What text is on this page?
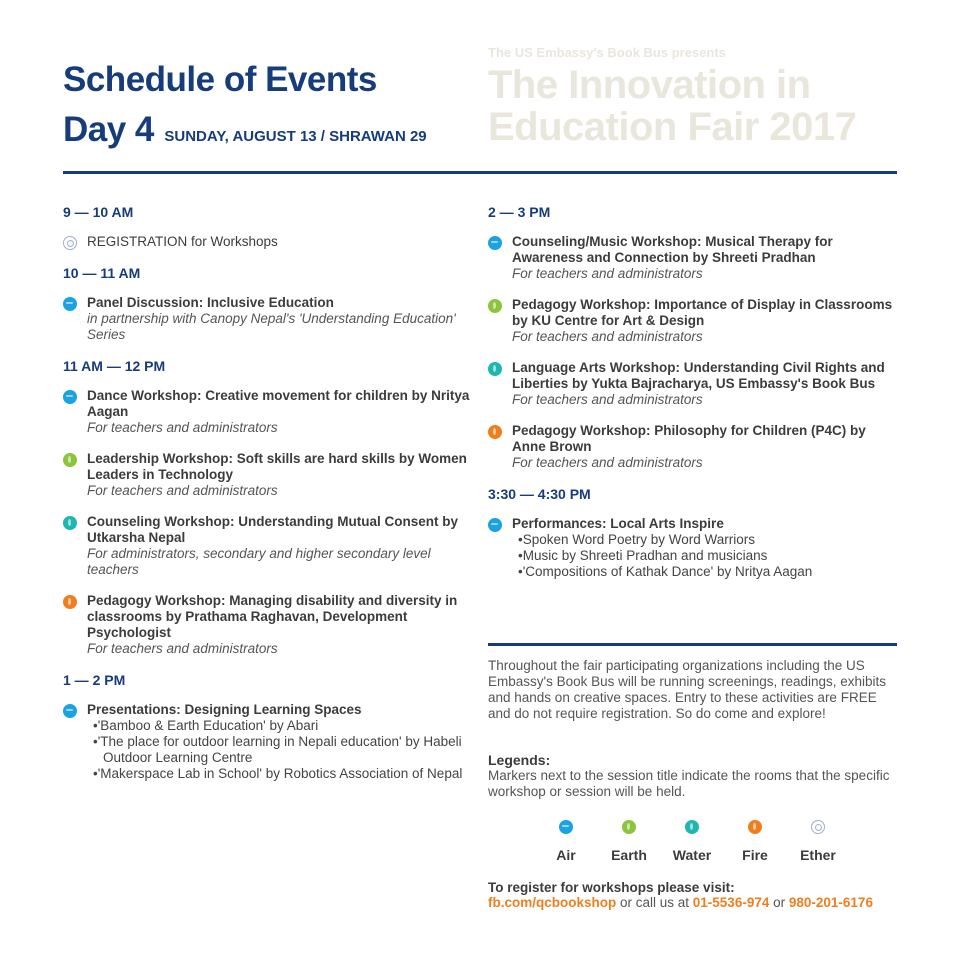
Schedule of Events
Day 4 SUNDAY, AUGUST 13 / SHRAWAN 29
The US Embassy's Book Bus presents
The Innovation in
Education Fair 2017
9 — 10 AM
REGISTRATION for Workshops
10 — 11 AM
Panel Discussion: Inclusive Education
in partnership with Canopy Nepal's 'Understanding Education' Series
11 AM — 12 PM
Dance Workshop: Creative movement for children by Nritya Aagan
For teachers and administrators
Leadership Workshop: Soft skills are hard skills by Women Leaders in Technology
For teachers and administrators
Counseling Workshop: Understanding Mutual Consent by Utkarsha Nepal
For administrators, secondary and higher secondary level teachers
Pedagogy Workshop: Managing disability and diversity in classrooms by Prathama Raghavan, Development Psychologist
For teachers and administrators
1 — 2 PM
Presentations: Designing Learning Spaces
•'Bamboo & Earth Education' by Abari
•'The place for outdoor learning in Nepali education' by Habeli Outdoor Learning Centre
•'Makerspace Lab in School' by Robotics Association of Nepal
2 — 3 PM
Counseling/Music Workshop: Musical Therapy for Awareness and Connection by Shreeti Pradhan
For teachers and administrators
Pedagogy Workshop: Importance of Display in Classrooms by KU Centre for Art & Design
For teachers and administrators
Language Arts Workshop: Understanding Civil Rights and Liberties by Yukta Bajracharya, US Embassy's Book Bus
For teachers and administrators
Pedagogy Workshop: Philosophy for Children (P4C) by Anne Brown
For teachers and administrators
3:30 — 4:30 PM
Performances: Local Arts Inspire
•Spoken Word Poetry by Word Warriors
•Music by Shreeti Pradhan and musicians
•'Compositions of Kathak Dance' by Nritya Aagan
Throughout the fair participating organizations including the US Embassy's Book Bus will be running screenings, readings, exhibits and hands on creative spaces. Entry to these activities are FREE and do not require registration. So do come and explore!
Legends:
Markers next to the session title indicate the rooms that the specific workshop or session will be held.
Air	Earth	Water	Fire	Ether
To register for workshops please visit:
fb.com/qcbookshop or call us at 01-5536-974 or 980-201-6176
